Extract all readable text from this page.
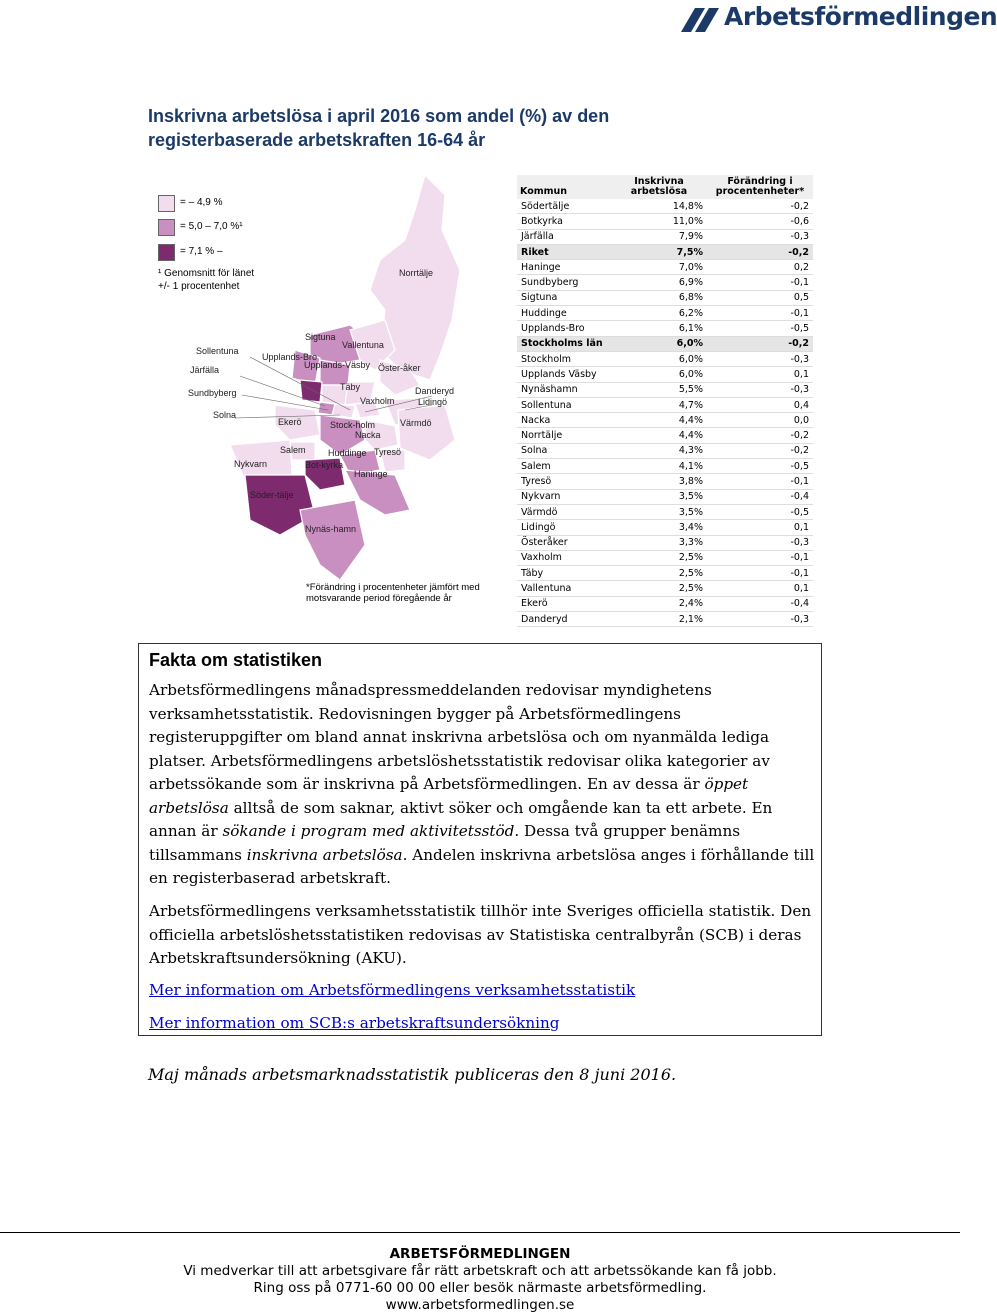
Arbetsförmedlingen
Inskrivna arbetslösa i april 2016 som andel (%) av den registerbaserade arbetskraften 16-64 år
= – 4,9 %
= 5,0 – 7,0 %¹
= 7,1 % –
¹ Genomsnitt för länet
+/- 1 procentenhet
Norrtälje
Sigtuna
Vallentuna
Sollentuna
Upplands-Bro
Upplands-Väsby Öster-åker
Järfälla
Täby
Sundbyberg	Danderyd
Vaxholm	Lidingö
Solna
Ekerö	Stock-holm
Nacka
Värmdö
Salem Huddinge Tyresö
Bot-kyrka
Nykvarn
Haninge
Söder-tälje
Nynäs-hamn
*Förändring i procentenheter jämfört med motsvarande period föregående år
Kommun	Inskrivna arbetslösa	Förändring i procentenheter*
Södertälje	14,8%	-0,2
Botkyrka	11,0%	-0,6
Järfälla	7,9%	-0,3
Riket	7,5%	-0,2
Haninge	7,0%	0,2
Sundbyberg	6,9%	-0,1
Sigtuna	6,8%	0,5
Huddinge	6,2%	-0,1
Upplands-Bro	6,1%	-0,5
Stockholms län	6,0%	-0,2
Stockholm	6,0%	-0,3
Upplands Väsby	6,0%	0,1
Nynäshamn	5,5%	-0,3
Sollentuna	4,7%	0,4
Nacka	4,4%	0,0
Norrtälje	4,4%	-0,2
Solna	4,3%	-0,2
Salem	4,1%	-0,5
Tyresö	3,8%	-0,1
Nykvarn	3,5%	-0,4
Värmdö	3,5%	-0,5
Lidingö	3,4%	0,1
Österåker	3,3%	-0,3
Vaxholm	2,5%	-0,1
Täby	2,5%	-0,1
Vallentuna	2,5%	0,1
Ekerö	2,4%	-0,4
Danderyd	2,1%	-0,3
Fakta om statistiken

Arbetsförmedlingens månadspressmeddelanden redovisar myndighetens verksamhetsstatistik. Redovisningen bygger på Arbetsförmedlingens registeruppgifter om bland annat inskrivna arbetslösa och om nyanmälda lediga platser. Arbetsförmedlingens arbetslöshetsstatistik redovisar olika kategorier av arbetssökande som är inskrivna på Arbetsförmedlingen. En av dessa är öppet arbetslösa alltså de som saknar, aktivt söker och omgående kan ta ett arbete. En annan är sökande i program med aktivitetsstöd. Dessa två grupper benämns tillsammans inskrivna arbetslösa. Andelen inskrivna arbetslösa anges i förhållande till en registerbaserad arbetskraft.

Arbetsförmedlingens verksamhetsstatistik tillhör inte Sveriges officiella statistik. Den officiella arbetslöshetsstatistiken redovisas av Statistiska centralbyrån (SCB) i deras Arbetskraftsundersökning (AKU).

Mer information om Arbetsförmedlingens verksamhetsstatistik
Mer information om SCB:s arbetskraftsundersökning
Maj månads arbetsmarknadsstatistik publiceras den 8 juni 2016.
ARBETSFÖRMEDLINGEN
Vi medverkar till att arbetsgivare får rätt arbetskraft och att arbetssökande kan få jobb.
Ring oss på 0771-60 00 00 eller besök närmaste arbetsförmedling.
www.arbetsformedlingen.se
